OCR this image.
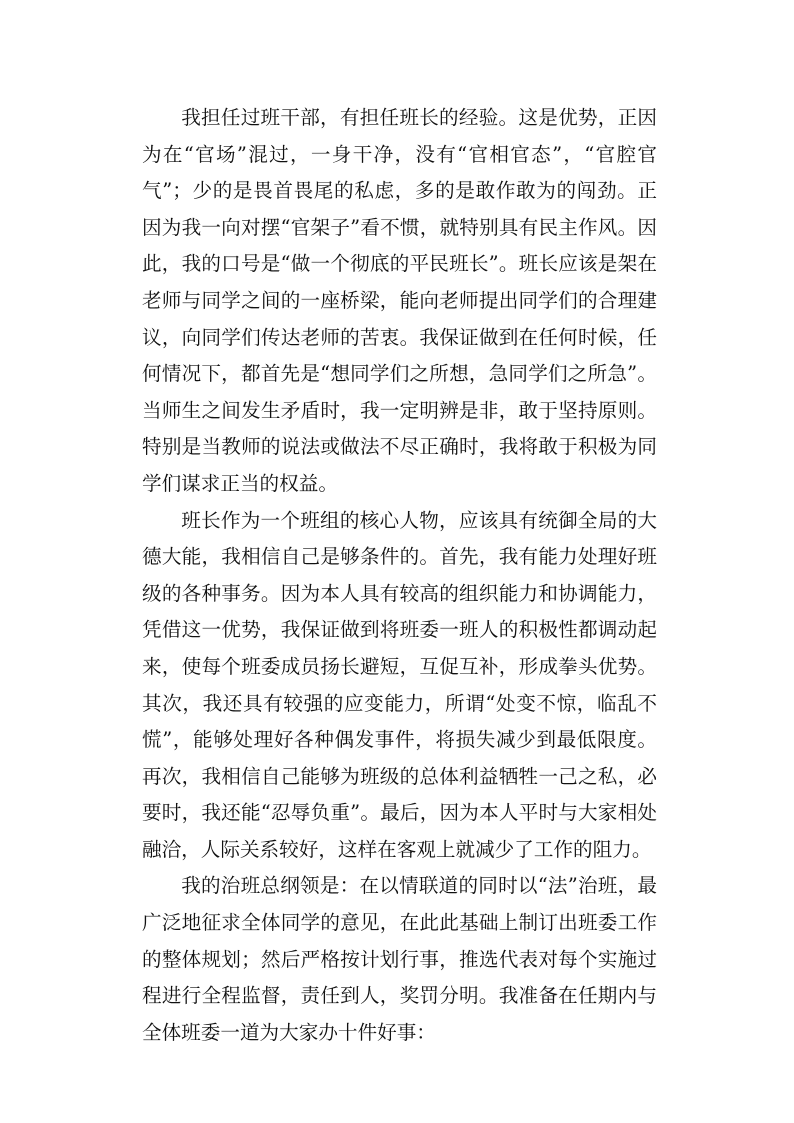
我担任过班干部，有担任班长的经验。这是优势，正因为在“官场”混过，一身干净，没有“官相官态”，“官腔官气”；少的是畏首畏尾的私虑，多的是敢作敢为的闯劲。正因为我一向对摆“官架子”看不惯，就特别具有民主作风。因此，我的口号是“做一个彻底的平民班长”。班长应该是架在老师与同学之间的一座桥梁，能向老师提出同学们的合理建议，向同学们传达老师的苦衷。我保证做到在任何时候，任何情况下，都首先是“想同学们之所想，急同学们之所急”。当师生之间发生矛盾时，我一定明辨是非，敢于坚持原则。特别是当教师的说法或做法不尽正确时，我将敢于积极为同学们谋求正当的权益。

班长作为一个班组的核心人物，应该具有统御全局的大德大能，我相信自己是够条件的。首先，我有能力处理好班级的各种事务。因为本人具有较高的组织能力和协调能力，凭借这一优势，我保证做到将班委一班人的积极性都调动起来，使每个班委成员扬长避短，互促互补，形成拳头优势。其次，我还具有较强的应变能力，所谓“处变不惊，临乱不慌”，能够处理好各种偶发事件，将损失减少到最低限度。再次，我相信自己能够为班级的总体利益牺牲一己之私，必要时，我还能“忍辱负重”。最后，因为本人平时与大家相处融洽，人际关系较好，这样在客观上就减少了工作的阻力。

我的治班总纲领是：在以情联道的同时以“法”治班，最广泛地征求全体同学的意见，在此此基础上制订出班委工作的整体规划；然后严格按计划行事，推选代表对每个实施过程进行全程监督，责任到人，奖罚分明。我准备在任期内与全体班委一道为大家办十件好事：
